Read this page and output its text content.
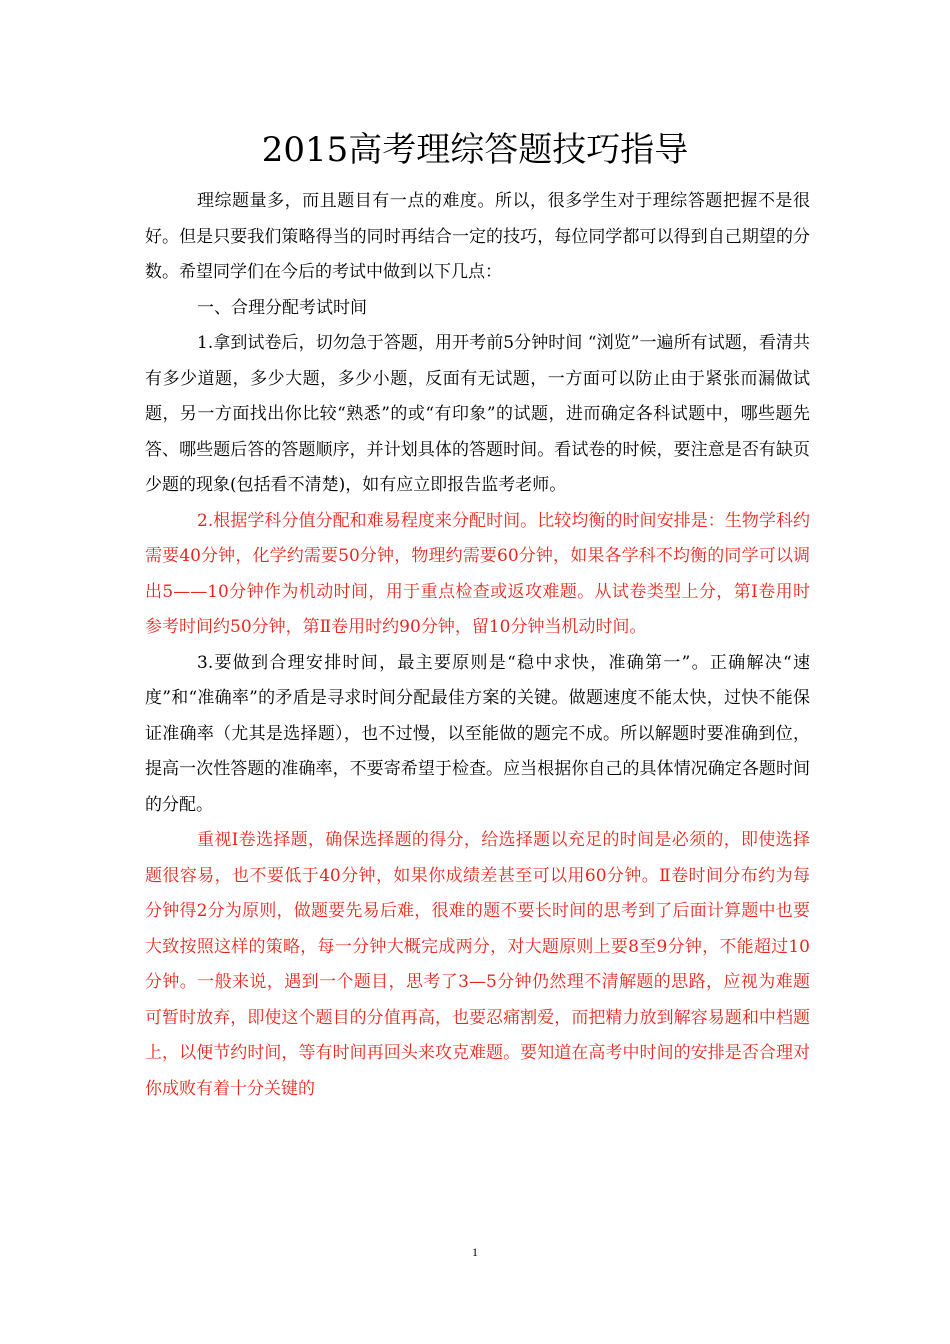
2015高考理综答题技巧指导

理综题量多，而且题目有一点的难度。所以，很多学生对于理综答题把握不是很好。但是只要我们策略得当的同时再结合一定的技巧，每位同学都可以得到自己期望的分数。希望同学们在今后的考试中做到以下几点：

一、合理分配考试时间

1.拿到试卷后，切勿急于答题，用开考前5分钟时间 “浏览”一遍所有试题，看清共有多少道题，多少大题，多少小题，反面有无试题，一方面可以防止由于紧张而漏做试题，另一方面找出你比较“熟悉”的或“有印象”的试题，进而确定各科试题中，哪些题先答、哪些题后答的答题顺序，并计划具体的答题时间。看试卷的时候，要注意是否有缺页少题的现象(包括看不清楚)，如有应立即报告监考老师。

2.根据学科分值分配和难易程度来分配时间。比较均衡的时间安排是：生物学科约需要40分钟，化学约需要50分钟，物理约需要60分钟，如果各学科不均衡的同学可以调出5——10分钟作为机动时间，用于重点检查或返攻难题。从试卷类型上分，第Ⅰ卷用时参考时间约50分钟，第Ⅱ卷用时约90分钟，留10分钟当机动时间。

3.要做到合理安排时间，最主要原则是“稳中求快，准确第一”。正确解决“速度”和“准确率”的矛盾是寻求时间分配最佳方案的关键。做题速度不能太快，过快不能保证准确率（尤其是选择题），也不过慢，以至能做的题完不成。所以解题时要准确到位，提高一次性答题的准确率，不要寄希望于检查。应当根据你自己的具体情况确定各题时间的分配。

重视Ⅰ卷选择题，确保选择题的得分，给选择题以充足的时间是必须的，即使选择题很容易，也不要低于40分钟，如果你成绩差甚至可以用60分钟。Ⅱ卷时间分布约为每分钟得2分为原则，做题要先易后难，很难的题不要长时间的思考到了后面计算题中也要大致按照这样的策略，每一分钟大概完成两分，对大题原则上要8至9分钟，不能超过10分钟。一般来说，遇到一个题目，思考了3—5分钟仍然理不清解题的思路，应视为难题可暂时放弃，即使这个题目的分值再高，也要忍痛割爱，而把精力放到解容易题和中档题上，以便节约时间，等有时间再回头来攻克难题。要知道在高考中时间的安排是否合理对你成败有着十分关键的

1
